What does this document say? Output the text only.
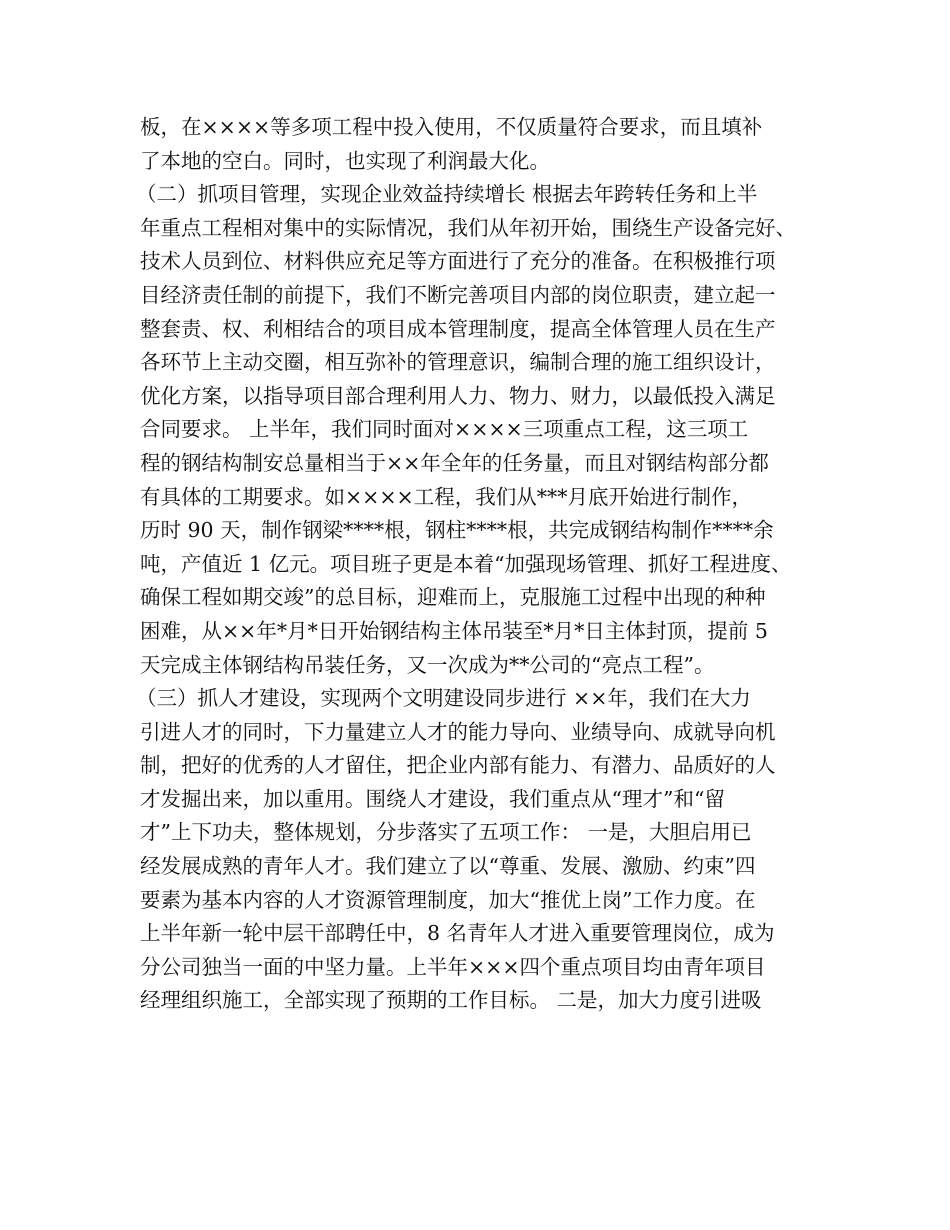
板，在××××等多项工程中投入使用，不仅质量符合要求，而且填补
了本地的空白。同时，也实现了利润最大化。
（二）抓项目管理，实现企业效益持续增长 根据去年跨转任务和上半
年重点工程相对集中的实际情况，我们从年初开始，围绕生产设备完好、
技术人员到位、材料供应充足等方面进行了充分的准备。在积极推行项
目经济责任制的前提下，我们不断完善项目内部的岗位职责，建立起一
整套责、权、利相结合的项目成本管理制度，提高全体管理人员在生产
各环节上主动交圈，相互弥补的管理意识，编制合理的施工组织设计，
优化方案，以指导项目部合理利用人力、物力、财力，以最低投入满足
合同要求。 上半年，我们同时面对××××三项重点工程，这三项工
程的钢结构制安总量相当于××年全年的任务量，而且对钢结构部分都
有具体的工期要求。如××××工程，我们从***月底开始进行制作，
历时 90 天，制作钢梁****根，钢柱****根，共完成钢结构制作****余
吨，产值近 1 亿元。项目班子更是本着“加强现场管理、抓好工程进度、
确保工程如期交竣”的总目标，迎难而上，克服施工过程中出现的种种
困难，从××年*月*日开始钢结构主体吊装至*月*日主体封顶，提前 5
天完成主体钢结构吊装任务，又一次成为**公司的“亮点工程”。
（三）抓人才建设，实现两个文明建设同步进行 ××年，我们在大力
引进人才的同时，下力量建立人才的能力导向、业绩导向、成就导向机
制，把好的优秀的人才留住，把企业内部有能力、有潜力、品质好的人
才发掘出来，加以重用。围绕人才建设，我们重点从“理才”和“留
才”上下功夫，整体规划，分步落实了五项工作： 一是，大胆启用已
经发展成熟的青年人才。我们建立了以“尊重、发展、激励、约束”四
要素为基本内容的人才资源管理制度，加大“推优上岗”工作力度。在
上半年新一轮中层干部聘任中，8 名青年人才进入重要管理岗位，成为
分公司独当一面的中坚力量。上半年×××四个重点项目均由青年项目
经理组织施工，全部实现了预期的工作目标。 二是，加大力度引进吸
